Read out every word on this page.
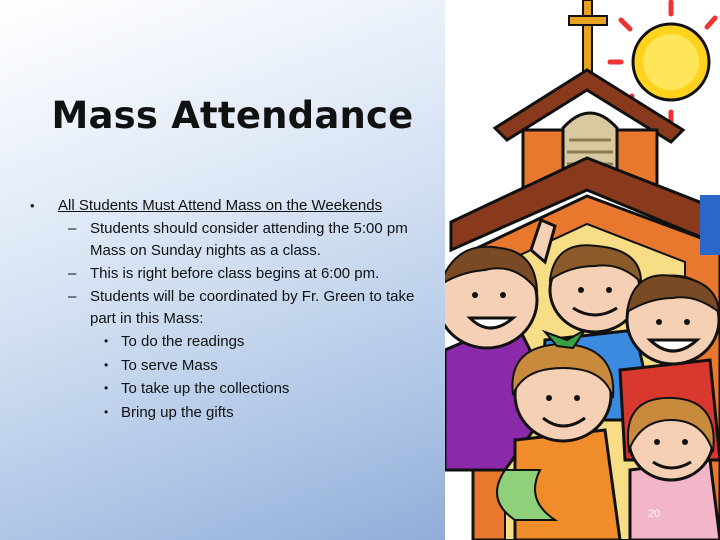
Mass Attendance
• All Students Must Attend Mass on the Weekends
– Students should consider attending the 5:00 pm Mass on Sunday nights as a class.
– This is right before class begins at 6:00 pm.
– Students will be coordinated by Fr. Green to take part in this Mass:
• To do the readings
• To serve Mass
• To take up the collections
• Bring up the gifts
20
